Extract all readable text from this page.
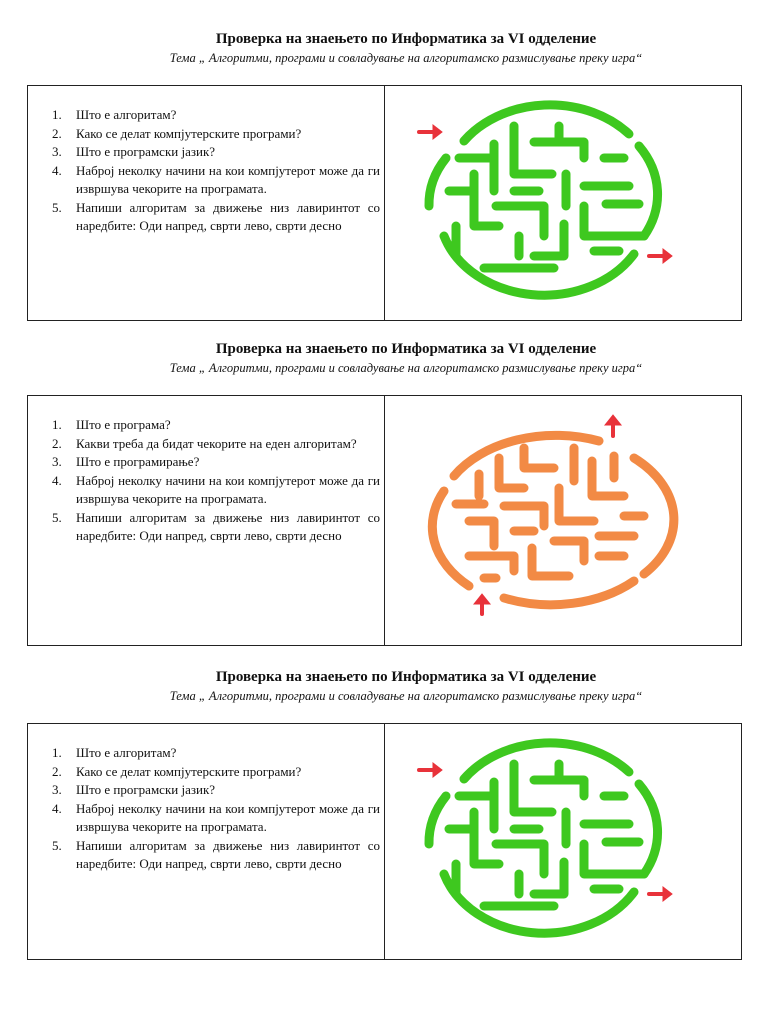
Проверка на знаењето по Информатика за VI одделение

Тема „ Алгоритми, програми и совладување на алгоритамско размислување преку игра“

1. Што е алгоритам?
2. Како се делат компјутерските програми?
3. Што е програмски јазик?
4. Наброј неколку начини на кои компјутерот може да ги извршува чекорите на програмата.
5. Напиши алгоритам за движење низ лавиринтот со наредбите: Оди напред, сврти лево, сврти десно

Проверка на знаењето по Информатика за VI одделение

Тема „ Алгоритми, програми и совладување на алгоритамско размислување преку игра“

1. Што е програма?
2. Какви треба да бидат чекорите на еден алгоритам?
3. Што е програмирање?
4. Наброј неколку начини на кои компјутерот може да ги извршува чекорите на програмата.
5. Напиши алгоритам за движење низ лавиринтот со наредбите: Оди напред, сврти лево, сврти десно

Проверка на знаењето по Информатика за VI одделение

Тема „ Алгоритми, програми и совладување на алгоритамско размислување преку игра“

1. Што е алгоритам?
2. Како се делат компјутерските програми?
3. Што е програмски јазик?
4. Наброј неколку начини на кои компјутерот може да ги извршува чекорите на програмата.
5. Напиши алгоритам за движење низ лавиринтот со наредбите: Оди напред, сврти лево, сврти десно
